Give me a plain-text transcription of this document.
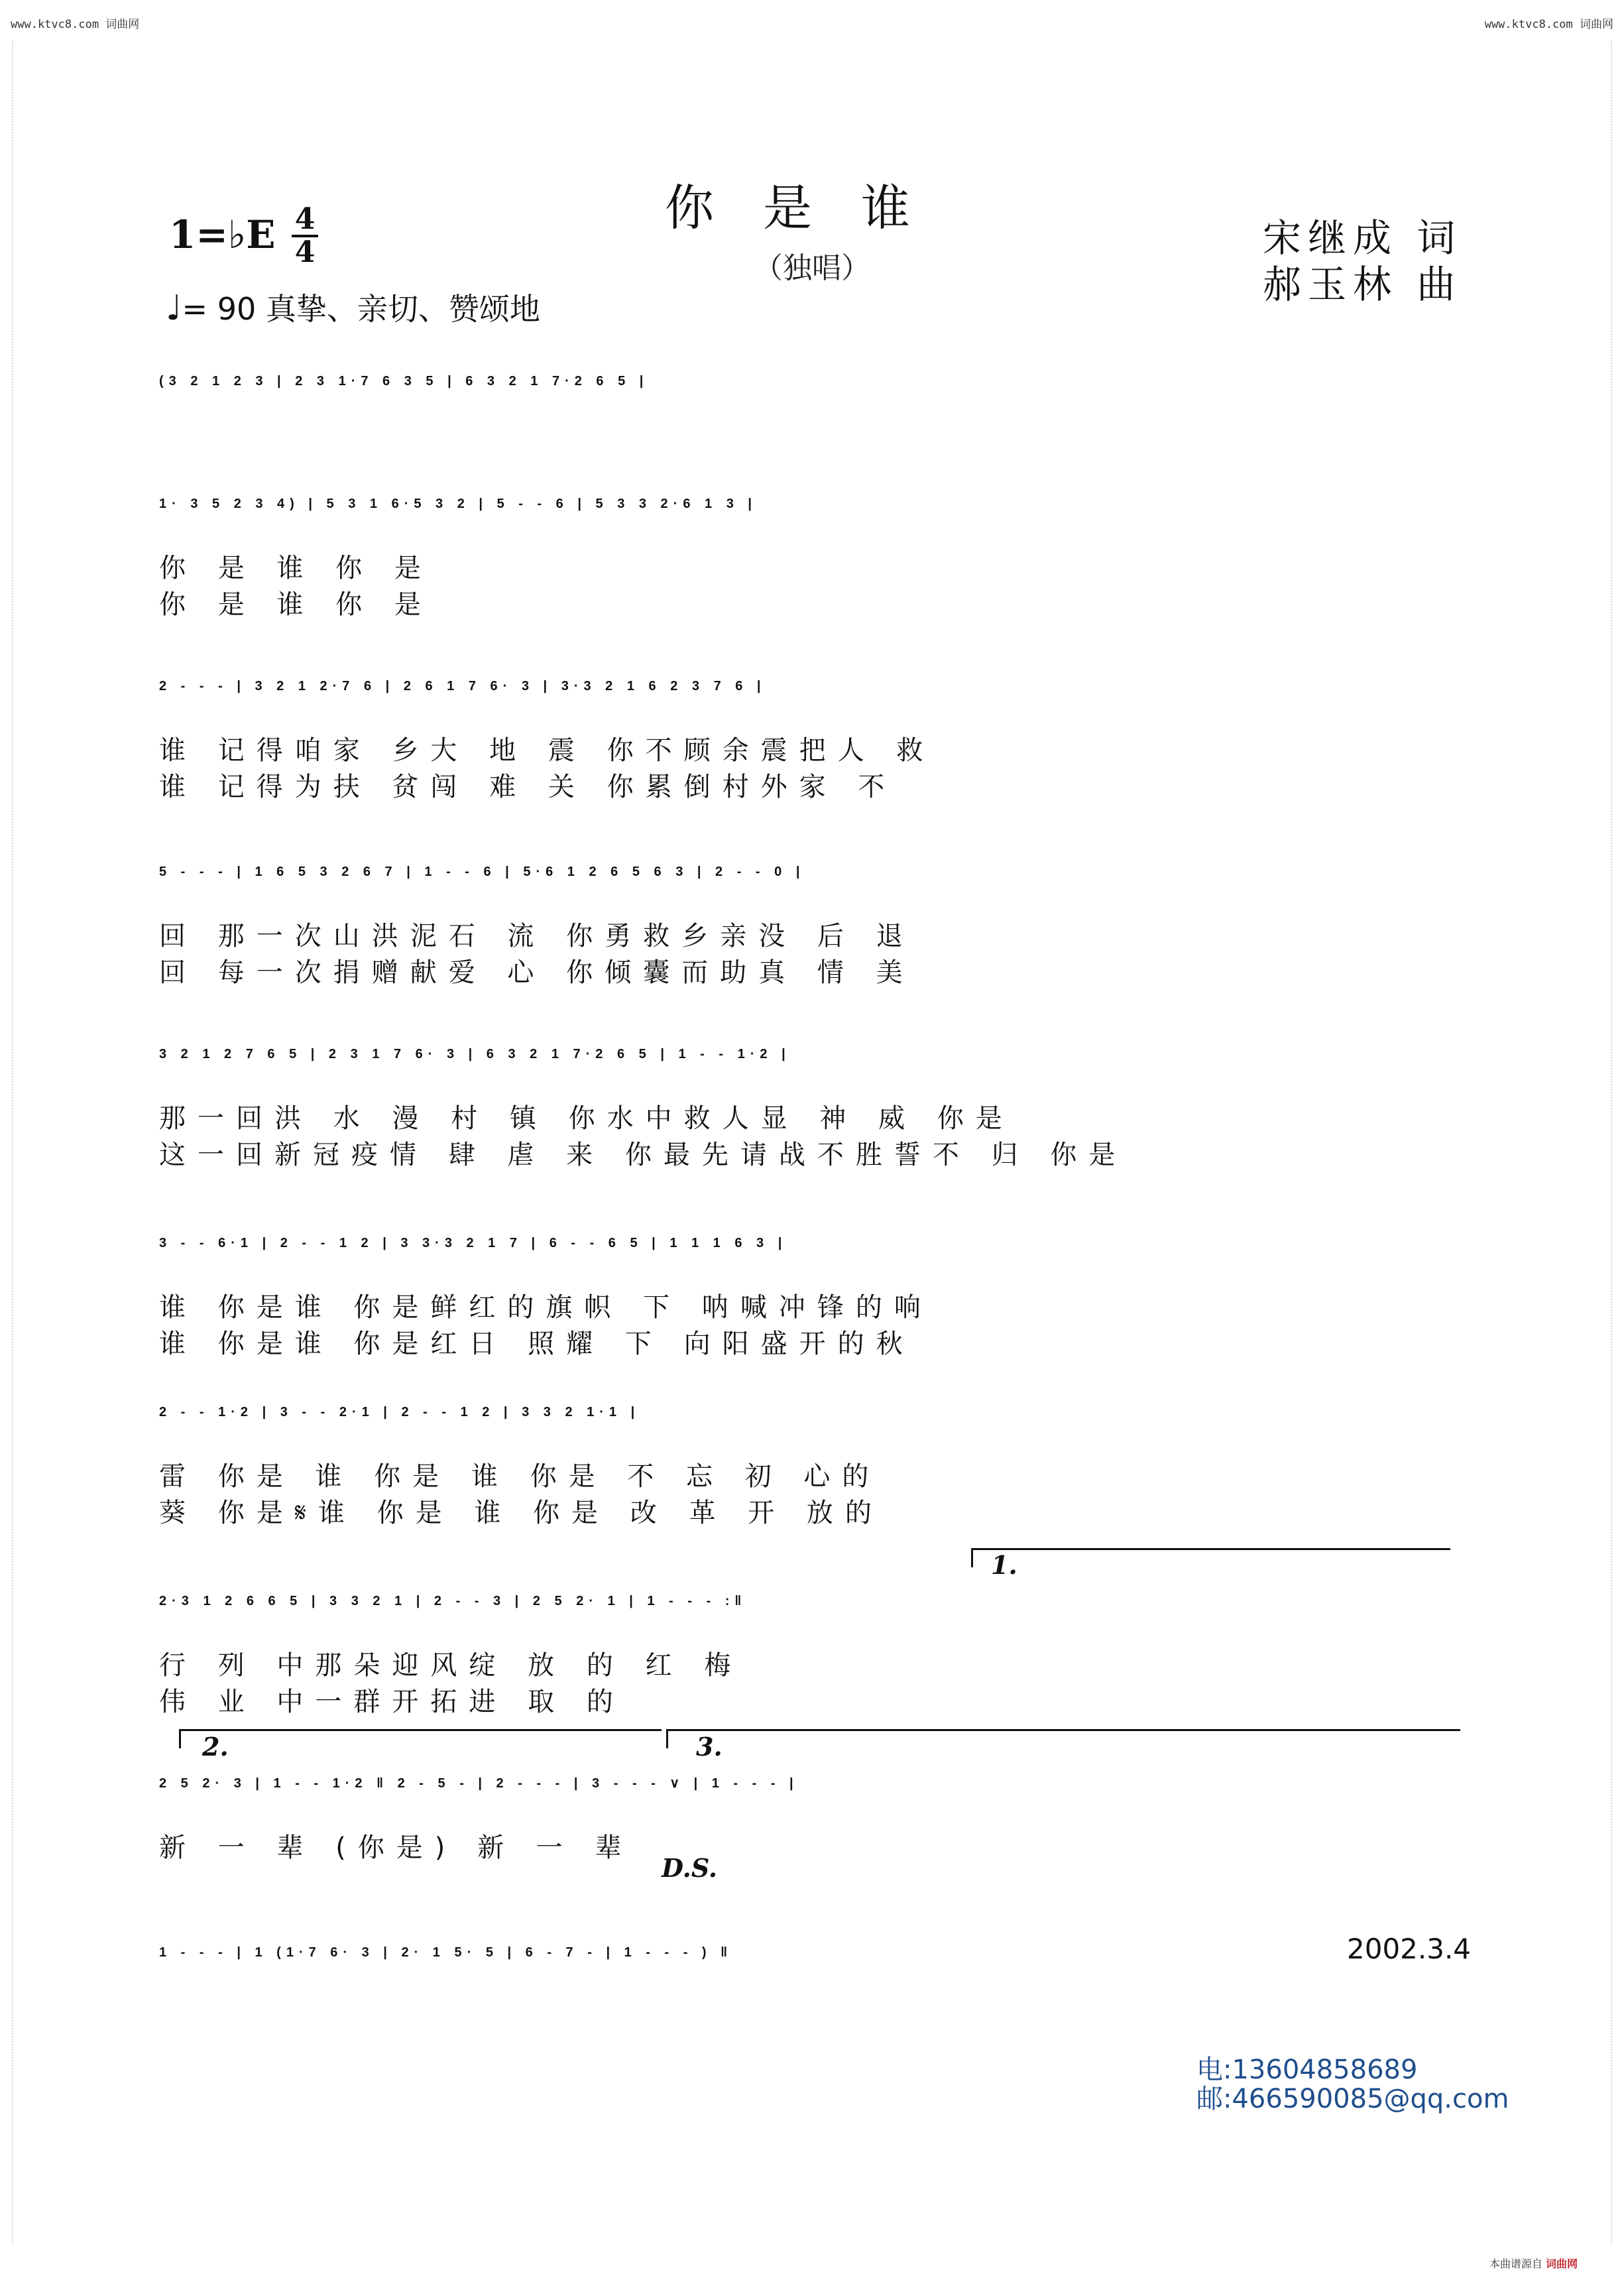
www.ktvc8.com 词曲网	www.ktvc8.com 词曲网
你是谁
（独唱）
宋继成 词
郝玉林 曲
1=♭E 4
4
♩= 90 真挚、亲切、赞颂地
(3 2 1 2 3 | 2 3 1·7 6 3 5 | 6 3 2 1 7·2 6 5 |
1· 3 5 2 3 4) | 5 3 1 6·5 3 2 | 5 - - 6 | 5 3 3 2·6 1 3 |
你 是 谁 你 是
你 是 谁 你 是
2 - - - | 3 2 1 2·7 6 | 2 6 1 7 6· 3 | 3·3 2 1 6 2 3 7 6 |
谁 记得咱家 乡大 地 震 你不顾余震把人 救
谁 记得为扶 贫闯 难 关 你累倒村外家 不
5 - - - | 1 6 5 3 2 6 7 | 1 - - 6 | 5·6 1 2 6 5 6 3 | 2 - - 0 |
回 那一次山洪泥石 流 你勇救乡亲没 后 退
回 每一次捐赠献爱 心 你倾囊而助真 情 美
3 2 1 2 7 6 5 | 2 3 1 7 6· 3 | 6 3 2 1 7·2 6 5 | 1 - - 1·2 |
那一回洪 水 漫 村 镇 你水中救人显 神 威 你是
这一回新冠疫情 肆 虐 来 你最先请战不胜誓不 归 你是
3 - - 6·1 | 2 - - 1 2 | 3 3·3 2 1 7 | 6 - - 6 5 | 1 1 1 6 3 |
谁 你是谁 你是鲜红的旗帜 下 呐喊冲锋的响
谁 你是谁 你是红日 照耀 下 向阳盛开的秋
2 - - 1·2 | 3 - - 2·1 | 2 - - 1 2 | 3 3 2 1·1 |
雷 你是 谁 你是 谁 你是 不 忘 初 心的
葵 你是𝄋谁 你是 谁 你是 改 革 开 放的
2·3 1 2 6 6 5 | 3 3 2 1 | 2 - - 3 | 2 5 2· 1 | 1 - - - :‖
行 列 中那朵迎风绽 放 的 红 梅
伟 业 中一群开拓进 取 的
2 5 2· 3 | 1 - - 1·2 ‖ 2 - 5 - | 2 - - - | 3 - - - ∨ | 1 - - - |
新 一 辈 (你是) 新 一 辈
1 - - - | 1 (1·7 6· 3 | 2· 1 5· 5 | 6 - 7 - | 1 - - - ) ‖
1.
2.	3.
D.S.
2002.3.4
电:13604858689
邮:466590085@qq.com
本曲谱源自 词曲网
